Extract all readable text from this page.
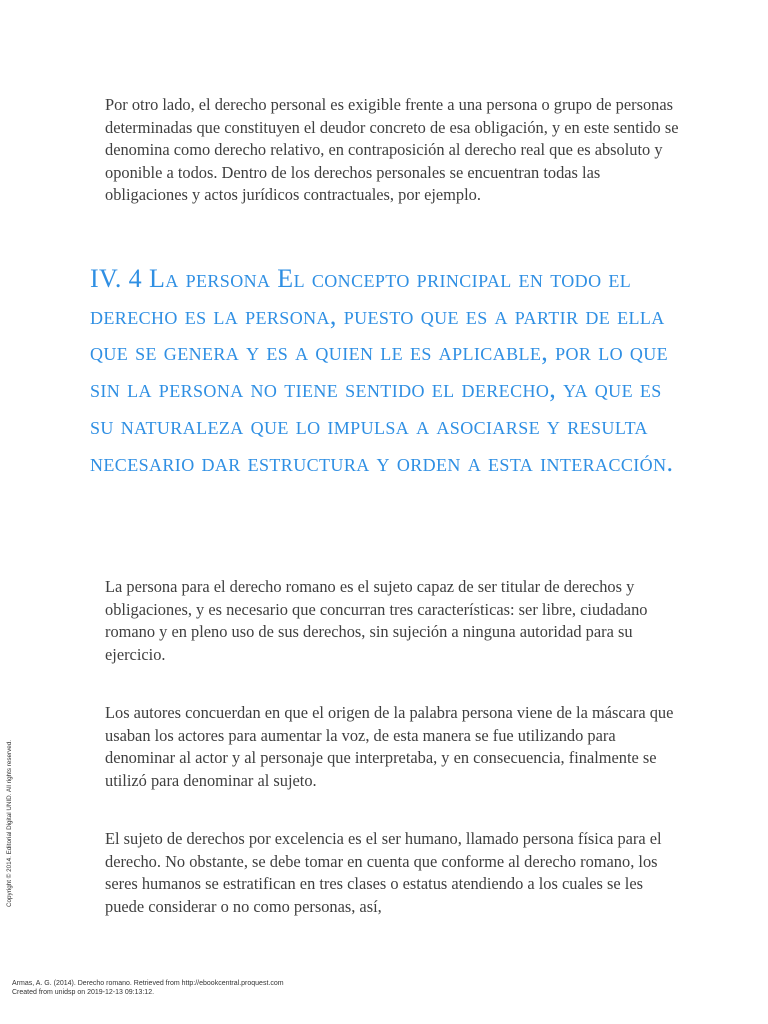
Por otro lado, el derecho personal es exigible frente a una persona o grupo de personas determinadas que constituyen el deudor concreto de esa obligación, y en este sentido se denomina como derecho relativo, en contraposición al derecho real que es absoluto y oponible a todos. Dentro de los derechos personales se encuentran todas las obligaciones y actos jurídicos contractuales, por ejemplo.

IV. 4 La persona El concepto principal en todo el derecho es la persona, puesto que es a partir de ella que se genera y es a quien le es aplicable, por lo que sin la persona no tiene sentido el derecho, ya que es su naturaleza que lo impulsa a asociarse y resulta necesario dar estructura y orden a esta interacción.

La persona para el derecho romano es el sujeto capaz de ser titular de derechos y obligaciones, y es necesario que concurran tres características: ser libre, ciudadano romano y en pleno uso de sus derechos, sin sujeción a ninguna autoridad para su ejercicio.

Los autores concuerdan en que el origen de la palabra persona viene de la máscara que usaban los actores para aumentar la voz, de esta manera se fue utilizando para denominar al actor y al personaje que interpretaba, y en consecuencia, finalmente se utilizó para denominar al sujeto.

El sujeto de derechos por excelencia es el ser humano, llamado persona física para el derecho. No obstante, se debe tomar en cuenta que conforme al derecho romano, los seres humanos se estratifican en tres clases o estatus atendiendo a los cuales se les puede considerar o no como personas, así,

Copyright © 2014. Editorial Digital UNID. All rights reserved.
Armas, A. G. (2014). Derecho romano. Retrieved from http://ebookcentral.proquest.com
Created from unidsp on 2019-12-13 09:13:12.
